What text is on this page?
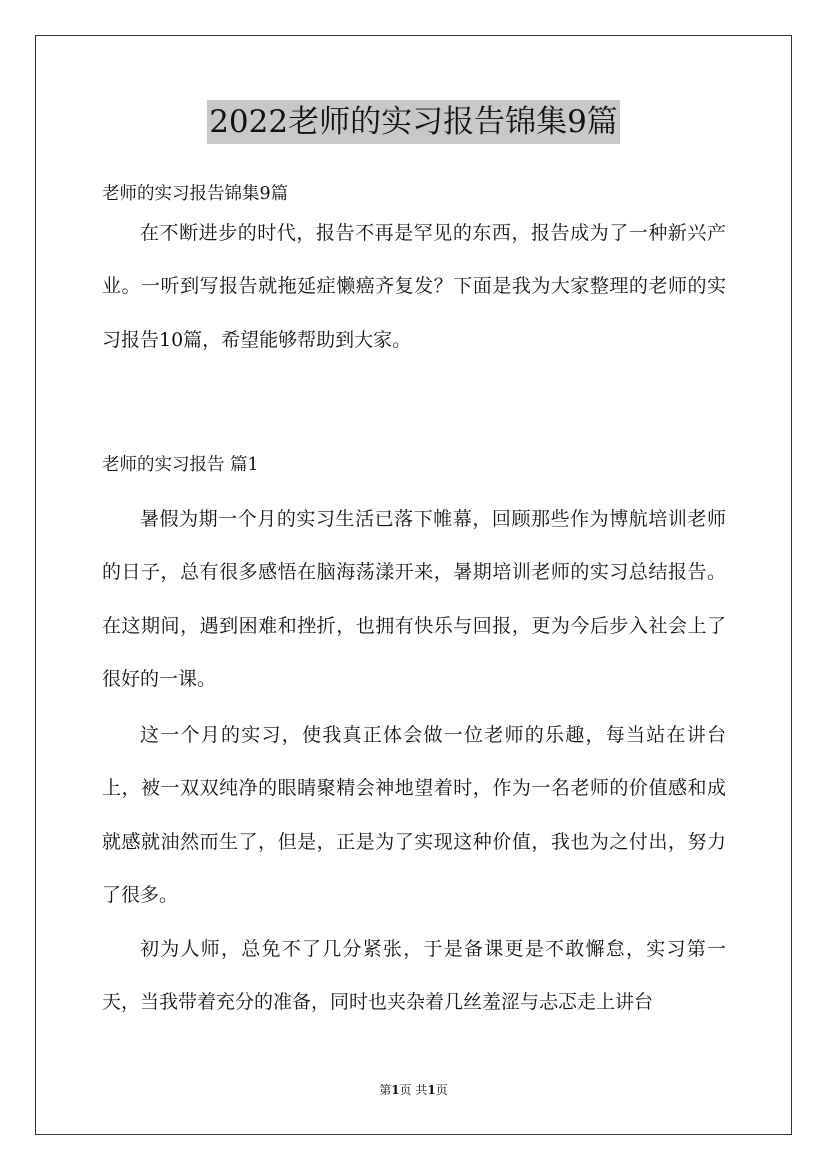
2022老师的实习报告锦集9篇
老师的实习报告锦集9篇

在不断进步的时代，报告不再是罕见的东西，报告成为了一种新兴产业。一听到写报告就拖延症懒癌齐复发？下面是我为大家整理的老师的实习报告10篇，希望能够帮助到大家。

老师的实习报告 篇1

暑假为期一个月的实习生活已落下帷幕，回顾那些作为博航培训老师的日子，总有很多感悟在脑海荡漾开来，暑期培训老师的实习总结报告。在这期间，遇到困难和挫折，也拥有快乐与回报，更为今后步入社会上了很好的一课。

这一个月的实习，使我真正体会做一位老师的乐趣，每当站在讲台上，被一双双纯净的眼睛聚精会神地望着时，作为一名老师的价值感和成就感就油然而生了，但是，正是为了实现这种价值，我也为之付出，努力了很多。

初为人师，总免不了几分紧张，于是备课更是不敢懈怠，实习第一天，当我带着充分的准备，同时也夹杂着几丝羞涩与忐忑走上讲台

第1页 共1页
